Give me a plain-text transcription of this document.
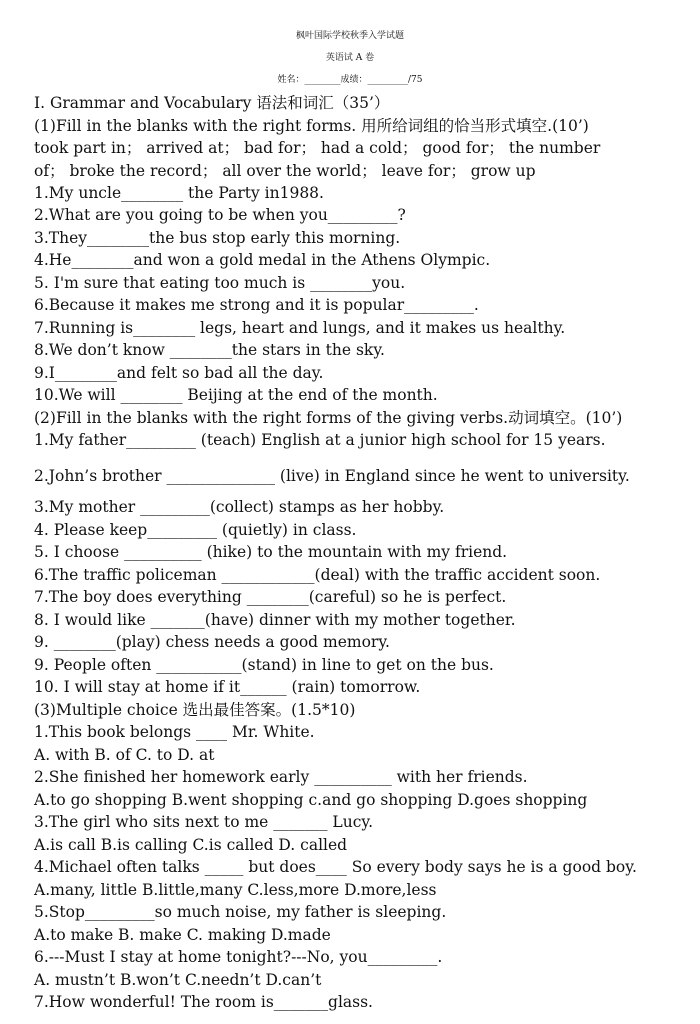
枫叶国际学校秋季入学试题
英语试 A 卷
姓名：________成绩：_________/75
I. Grammar and Vocabulary 语法和词汇（35’）
(1)Fill in the blanks with the right forms. 用所给词组的恰当形式填空.(10’)
took part in； arrived at； bad for； had a cold； good for； the number
of； broke the record； all over the world； leave for； grow up
1.My uncle________ the Party in1988.
2.What are you going to be when you_________?
3.They________the bus stop early this morning.
4.He________and won a gold medal in the Athens Olympic.
5. I'm sure that eating too much is ________you.
6.Because it makes me strong and it is popular_________.
7.Running is________ legs, heart and lungs, and it makes us healthy.
8.We don’t know ________the stars in the sky.
9.I________and felt so bad all the day.
10.We will ________ Beijing at the end of the month.
(2)Fill in the blanks with the right forms of the giving verbs.动词填空。(10’)
1.My father_________ (teach) English at a junior high school for 15 years.
2.John’s brother ______________ (live) in England since he went to university.
3.My mother _________(collect) stamps as her hobby.
4. Please keep_________ (quietly) in class.
5. I choose __________ (hike) to the mountain with my friend.
6.The traffic policeman ____________(deal) with the traffic accident soon.
7.The boy does everything ________(careful) so he is perfect.
8. I would like _______(have) dinner with my mother together.
9. ________(play) chess needs a good memory.
9. People often ___________(stand) in line to get on the bus.
10. I will stay at home if it______ (rain) tomorrow.
(3)Multiple choice 选出最佳答案。(1.5*10)
1.This book belongs ____ Mr. White.
A. with B. of C. to D. at
2.She finished her homework early __________ with her friends.
A.to go shopping B.went shopping c.and go shopping D.goes shopping
3.The girl who sits next to me _______ Lucy.
A.is call B.is calling C.is called D. called
4.Michael often talks _____ but does____ So every body says he is a good boy.
A.many, little B.little,many C.less,more D.more,less
5.Stop_________so much noise, my father is sleeping.
A.to make B. make C. making D.made
6.---Must I stay at home tonight?---No, you_________.
A. mustn’t B.won’t C.needn’t D.can’t
7.How wonderful! The room is_______glass.
